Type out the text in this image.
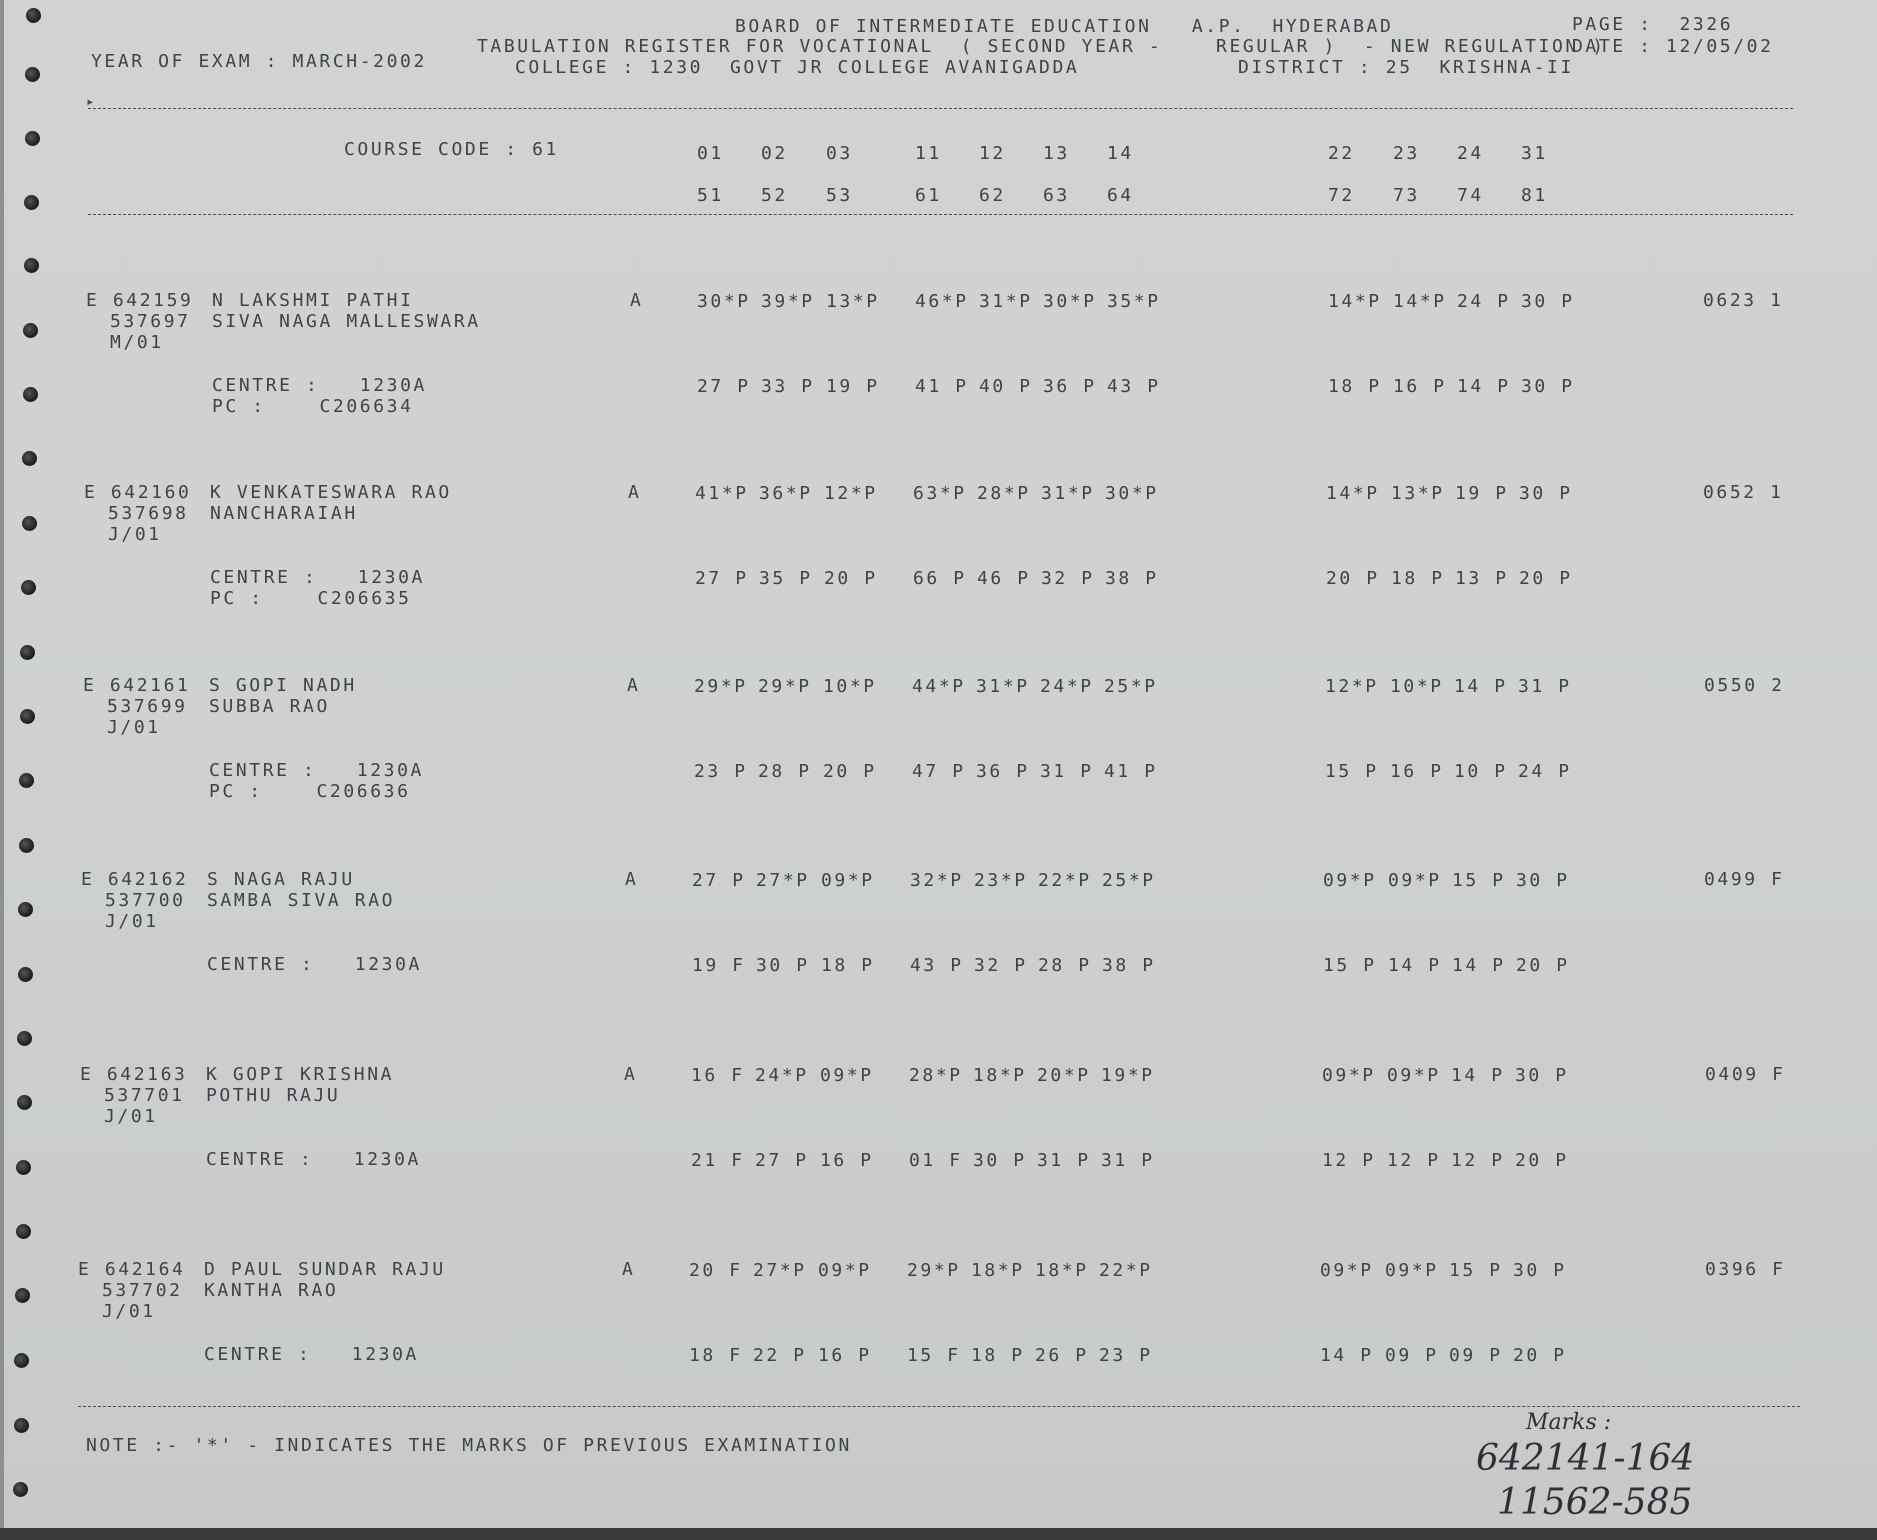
BOARD OF INTERMEDIATE EDUCATION   A.P.  HYDERABAD	PAGE :  2326
TABULATION REGISTER FOR VOCATIONAL  ( SECOND YEAR -    REGULAR )  - NEW REGULATION )
DATE : 12/05/02
YEAR OF EXAM : MARCH-2002	COLLEGE : 1230  GOVT JR COLLEGE AVANIGADDA	DISTRICT : 25  KRISHNA-II
▸
COURSE CODE : 61	01 02 03	11 12 13 14	22 23 24 31
51 52 53	61 62 63 64	72 73 74 81
E 642159 N LAKSHMI PATHI	A	30*P 39*P 13*P 46*P 31*P 30*P 35*P	14*P 14*P 24 P 30 P	0623 1
537697 SIVA NAGA MALLESWARA
M/01
CENTRE :   1230A
PC :    C206634
27 P 33 P 19 P 41 P 40 P 36 P 43 P	18 P 16 P 14 P 30 P
E 642160 K VENKATESWARA RAO	A	41*P 36*P 12*P 63*P 28*P 31*P 30*P	14*P 13*P 19 P 30 P	0652 1
537698 NANCHARAIAH
J/01
CENTRE :   1230A
PC :    C206635
27 P 35 P 20 P 66 P 46 P 32 P 38 P	20 P 18 P 13 P 20 P
E 642161 S GOPI NADH	A	29*P 29*P 10*P 44*P 31*P 24*P 25*P	12*P 10*P 14 P 31 P	0550 2
537699 SUBBA RAO
J/01
CENTRE :   1230A
PC :    C206636
23 P 28 P 20 P 47 P 36 P 31 P 41 P	15 P 16 P 10 P 24 P
E 642162 S NAGA RAJU	A	27 P 27*P 09*P 32*P 23*P 22*P 25*P	09*P 09*P 15 P 30 P	0499 F
537700 SAMBA SIVA RAO
J/01
CENTRE :   1230A	19 F 30 P 18 P 43 P 32 P 28 P 38 P	15 P 14 P 14 P 20 P
E 642163 K GOPI KRISHNA	A	16 F 24*P 09*P 28*P 18*P 20*P 19*P	09*P 09*P 14 P 30 P	0409 F
537701 POTHU RAJU
J/01
CENTRE :   1230A	21 F 27 P 16 P 01 F 30 P 31 P 31 P	12 P 12 P 12 P 20 P
E 642164 D PAUL SUNDAR RAJU	A	20 F 27*P 09*P 29*P 18*P 18*P 22*P	09*P 09*P 15 P 30 P	0396 F
537702 KANTHA RAO
J/01
CENTRE :   1230A	18 F 22 P 16 P 15 F 18 P 26 P 23 P	14 P 09 P 09 P 20 P
NOTE :- '*' - INDICATES THE MARKS OF PREVIOUS EXAMINATION
Marks :
642141-164
11562-585
